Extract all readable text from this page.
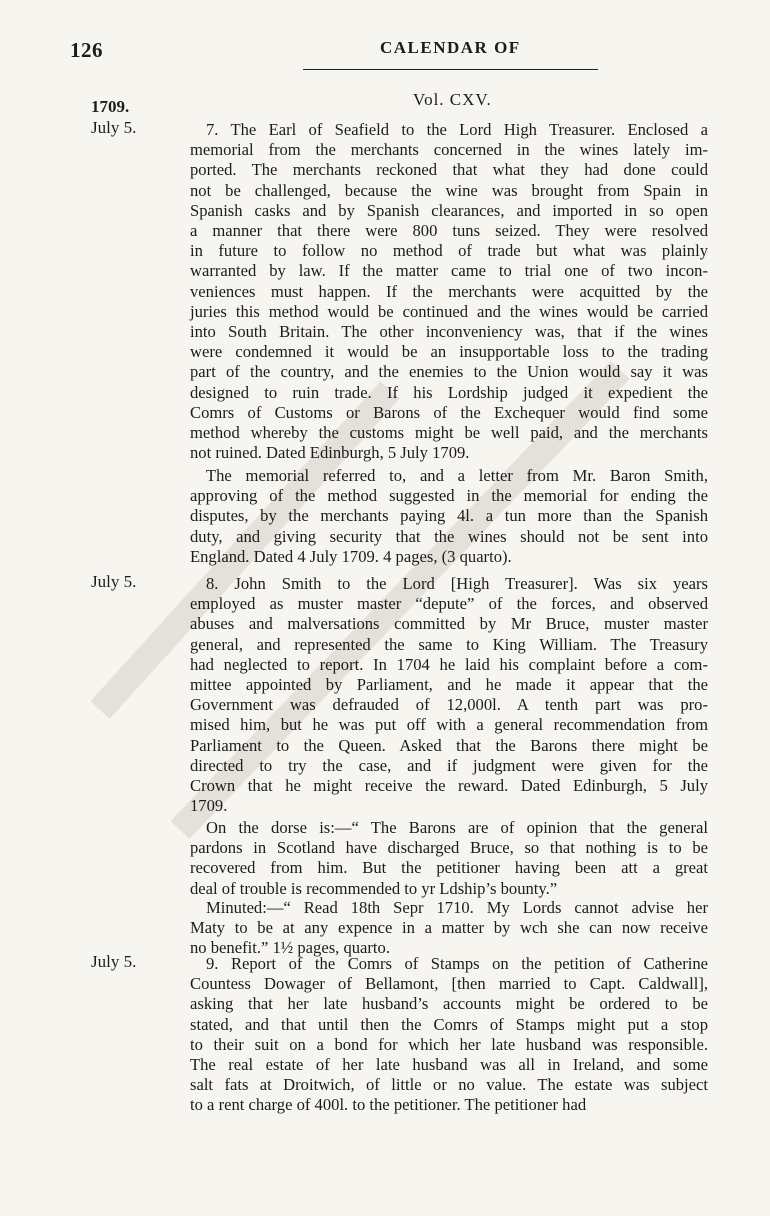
126	CALENDAR OF
Vol. CXV.
1709.
July 5.
July 5.
July 5.
7. The Earl of Seafield to the Lord High Treasurer. Enclosed a
memorial from the merchants concerned in the wines lately im-
ported. The merchants reckoned that what they had done could
not be challenged, because the wine was brought from Spain in
Spanish casks and by Spanish clearances, and imported in so open
a manner that there were 800 tuns seized. They were resolved
in future to follow no method of trade but what was plainly
warranted by law. If the matter came to trial one of two incon-
veniences must happen. If the merchants were acquitted by the
juries this method would be continued and the wines would be carried
into South Britain. The other inconveniency was, that if the wines
were condemned it would be an insupportable loss to the trading
part of the country, and the enemies to the Union would say it was
designed to ruin trade. If his Lordship judged it expedient the
Comrs of Customs or Barons of the Exchequer would find some
method whereby the customs might be well paid, and the merchants
not ruined. Dated Edinburgh, 5 July 1709.
The memorial referred to, and a letter from Mr. Baron Smith,
approving of the method suggested in the memorial for ending the
disputes, by the merchants paying 4l. a tun more than the Spanish
duty, and giving security that the wines should not be sent into
England. Dated 4 July 1709. 4 pages, (3 quarto).
8. John Smith to the Lord [High Treasurer]. Was six years
employed as muster master “depute” of the forces, and observed
abuses and malversations committed by Mr Bruce, muster master
general, and represented the same to King William. The Treasury
had neglected to report. In 1704 he laid his complaint before a com-
mittee appointed by Parliament, and he made it appear that the
Government was defrauded of 12,000l. A tenth part was pro-
mised him, but he was put off with a general recommendation from
Parliament to the Queen. Asked that the Barons there might be
directed to try the case, and if judgment were given for the
Crown that he might receive the reward. Dated Edinburgh, 5 July
1709.
On the dorse is:—“ The Barons are of opinion that the general
pardons in Scotland have discharged Bruce, so that nothing is to be
recovered from him. But the petitioner having been att a great
deal of trouble is recommended to yr Ldship’s bounty.”
Minuted:—“ Read 18th Sepr 1710. My Lords cannot advise her
Maty to be at any expence in a matter by wch she can now receive
no benefit.” 1½ pages, quarto.
9. Report of the Comrs of Stamps on the petition of Catherine
Countess Dowager of Bellamont, [then married to Capt. Caldwall],
asking that her late husband’s accounts might be ordered to be
stated, and that until then the Comrs of Stamps might put a stop
to their suit on a bond for which her late husband was responsible.
The real estate of her late husband was all in Ireland, and some
salt fats at Droitwich, of little or no value. The estate was subject
to a rent charge of 400l. to the petitioner. The petitioner had
